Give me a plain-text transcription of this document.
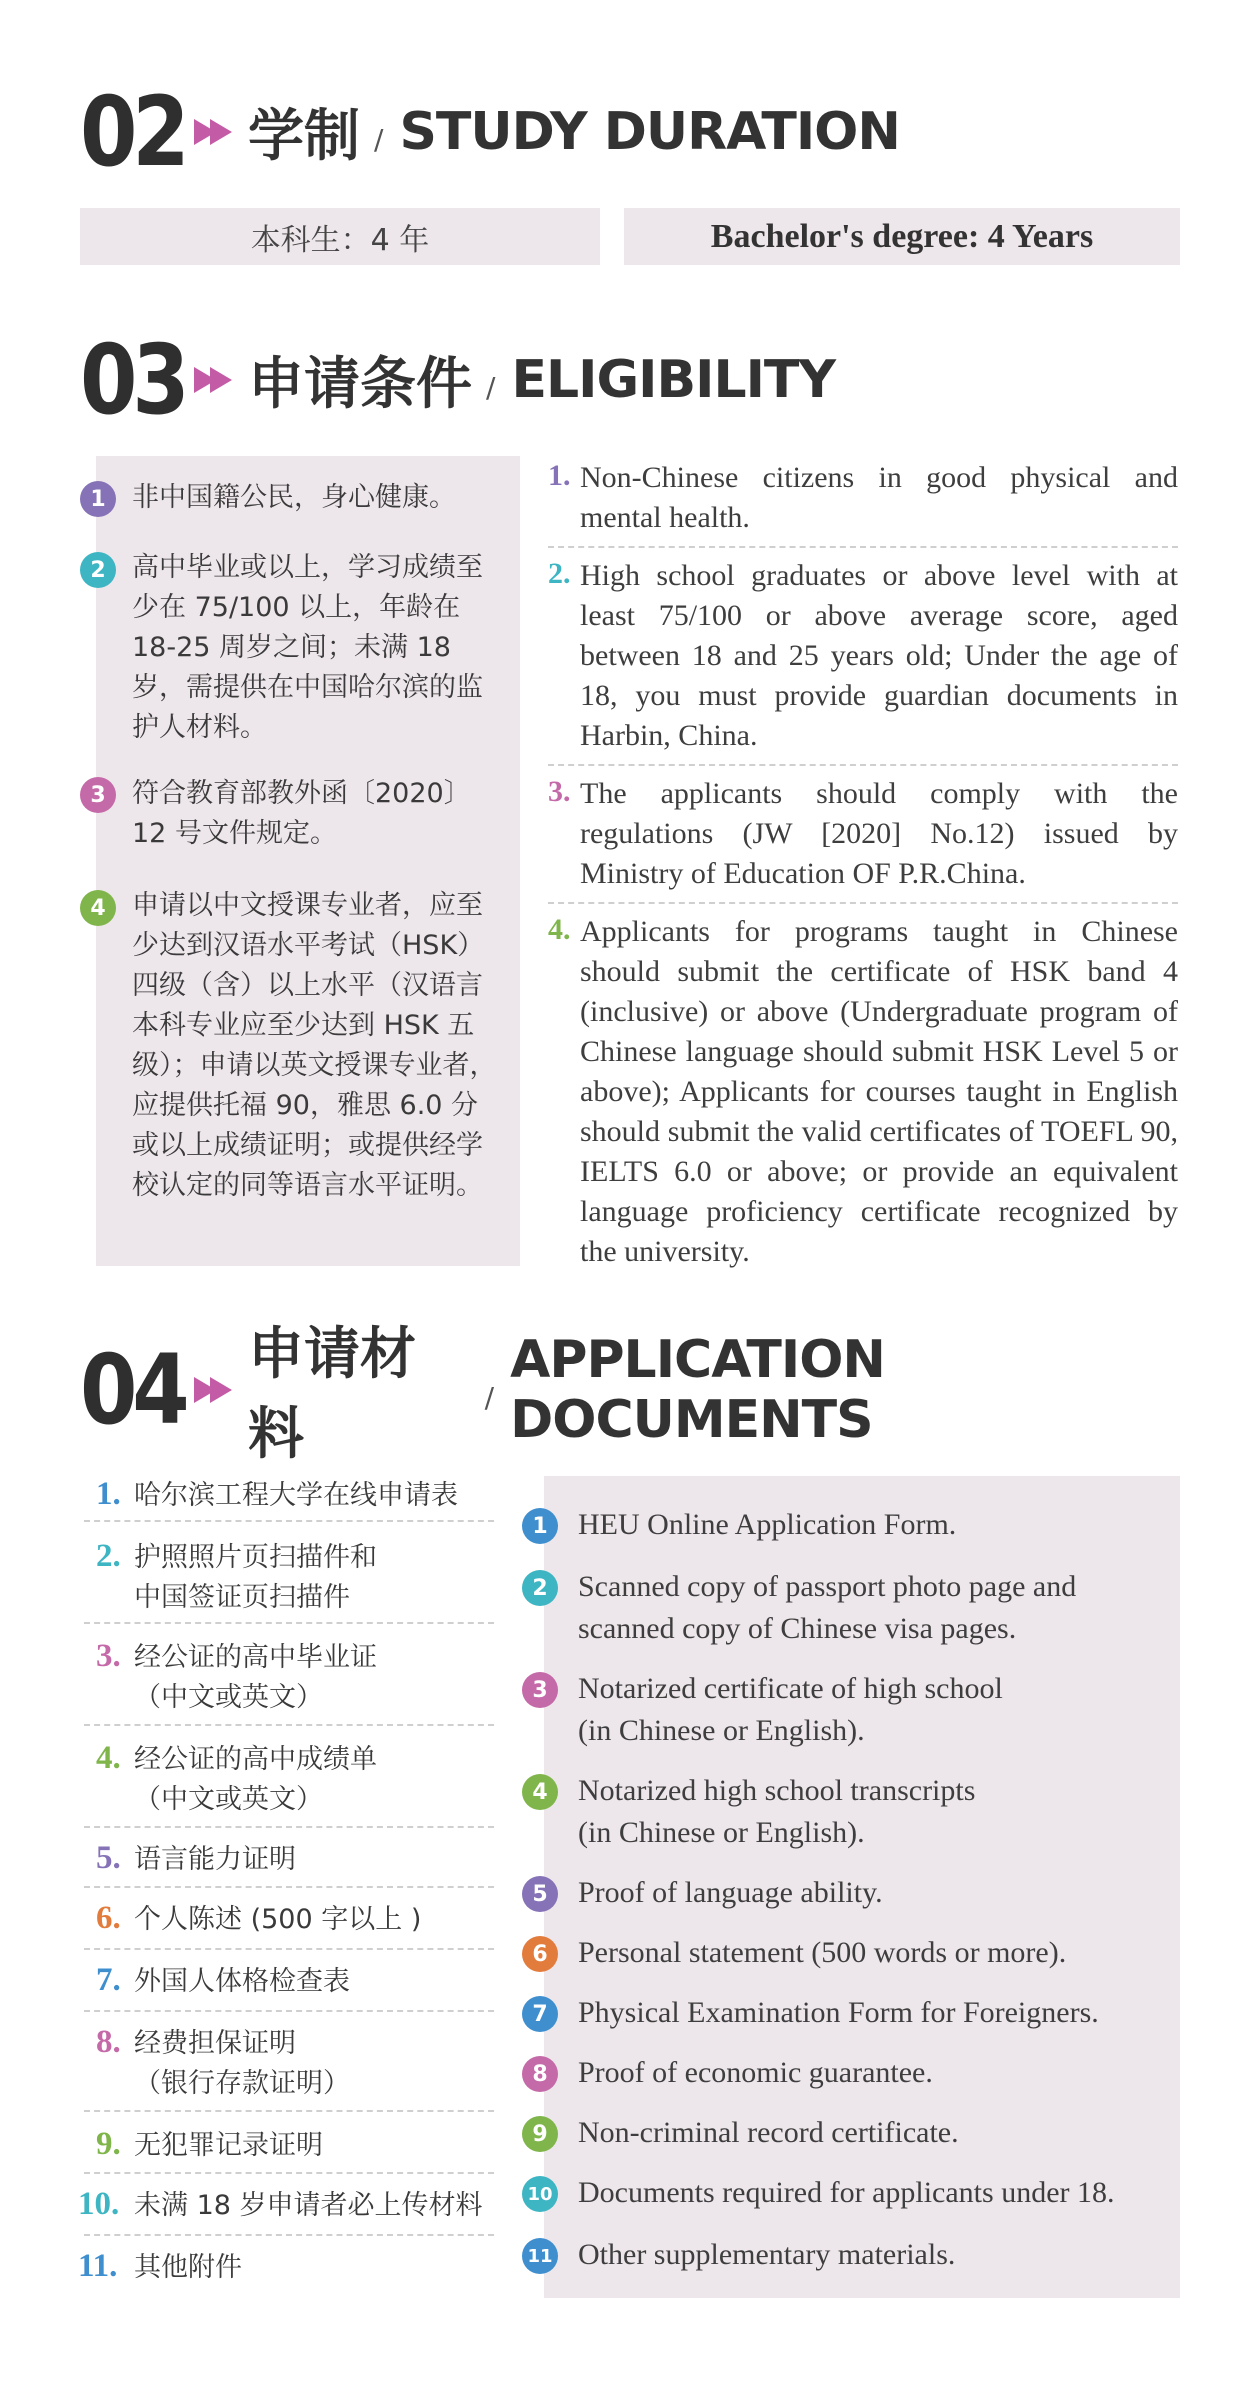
02 学制 / STUDY DURATION
本科生：4 年	Bachelor's degree: 4 Years
03 申请条件 / ELIGIBILITY
1 非中国籍公民，身心健康。
2 高中毕业或以上，学习成绩至少在 75/100 以上，年龄在 18-25 周岁之间；未满 18 岁，需提供在中国哈尔滨的监护人材料。
3 符合教育部教外函〔2020〕12 号文件规定。
4 申请以中文授课专业者，应至少达到汉语水平考试（HSK）四级（含）以上水平（汉语言本科专业应至少达到 HSK 五级）；申请以英文授课专业者，应提供托福 90，雅思 6.0 分或以上成绩证明；或提供经学校认定的同等语言水平证明。
1. Non-Chinese citizens in good physical and mental health.
2. High school graduates or above level with at least 75/100 or above average score, aged between 18 and 25 years old; Under the age of 18, you must provide guardian documents in Harbin, China.
3. The applicants should comply with the regulations (JW [2020] No.12) issued by Ministry of Education OF P.R.China.
4. Applicants for programs taught in Chinese should submit the certificate of HSK band 4 (inclusive) or above (Undergraduate program of Chinese language should submit HSK Level 5 or above); Applicants for courses taught in English should submit the valid certificates of TOEFL 90, IELTS 6.0 or above; or provide an equivalent language proficiency certificate recognized by the university.
04 申请材料
/
APPLICATION DOCUMENTS
1. 哈尔滨工程大学在线申请表
2. 护照照片页扫描件和
中国签证页扫描件
3. 经公证的高中毕业证
（中文或英文）
4. 经公证的高中成绩单
（中文或英文）
5. 语言能力证明
6. 个人陈述 (500 字以上 )
7. 外国人体格检查表
8. 经费担保证明
（银行存款证明）
9. 无犯罪记录证明
10. 未满 18 岁申请者必上传材料
11. 其他附件
1	HEU Online Application Form.
2	Scanned copy of passport photo page and
scanned copy of Chinese visa pages.
3	Notarized certificate of high school
(in Chinese or English).
4	Notarized high school transcripts
(in Chinese or English).
5	Proof of language ability.
6	Personal statement (500 words or more).
7	Physical Examination Form for Foreigners.
8	Proof of economic guarantee.
9	Non-criminal record certificate.
10 Documents required for applicants under 18.
11 Other supplementary materials.
